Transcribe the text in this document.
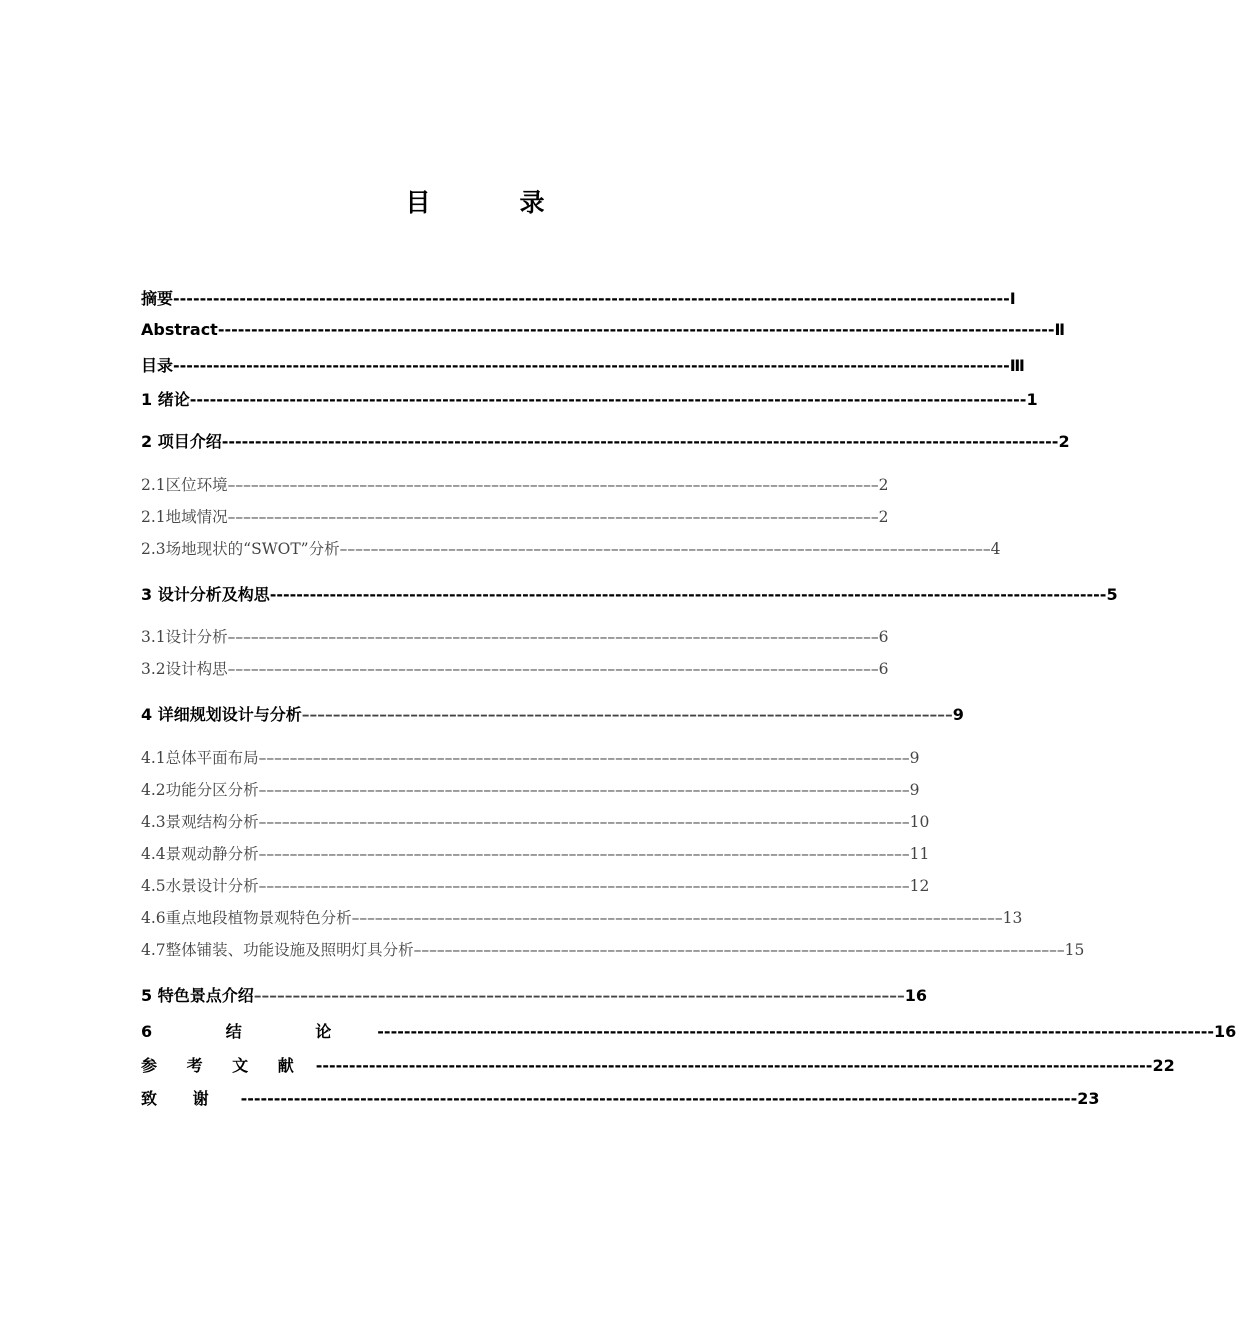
目　录
摘要 ------------------------------------------------------------------------------------------------------------------------------ Ⅰ
Abstract ------------------------------------------------------------------------------------------------------------------------------ Ⅱ
目录 ------------------------------------------------------------------------------------------------------------------------------ Ⅲ
1 绪论 ------------------------------------------------------------------------------------------------------------------------------ 1
2 项目介绍 ------------------------------------------------------------------------------------------------------------------------------ 2
2.1区位环境 –––––––––––––––––––––––––––––––––––––––––––––––––––––––––––––––––––––––––––––––––––– 2
2.1地域情况 –––––––––––––––––––––––––––––––––––––––––––––––––––––––––––––––––––––––––––––––––––– 2
2.3场地现状的“SWOT”分析 –––––––––––––––––––––––––––––––––––––––––––––––––––––––––––––––––––––––––––––––––––– 4
3 设计分析及构思 ------------------------------------------------------------------------------------------------------------------------------ 5
3.1设计分析 –––––––––––––––––––––––––––––––––––––––––––––––––––––––––––––––––––––––––––––––––––– 6
3.2设计构思 –––––––––––––––––––––––––––––––––––––––––––––––––––––––––––––––––––––––––––––––––––– 6
4 详细规划设计与分析 –––––––––––––––––––––––––––––––––––––––––––––––––––––––––––––––––––––––––––––––––––– 9
4.1总体平面布局 –––––––––––––––––––––––––––––––––––––––––––––––––––––––––––––––––––––––––––––––––––– 9
4.2功能分区分析 –––––––––––––––––––––––––––––––––––––––––––––––––––––––––––––––––––––––––––––––––––– 9
4.3景观结构分析 –––––––––––––––––––––––––––––––––––––––––––––––––––––––––––––––––––––––––––––––––––– 10
4.4景观动静分析 –––––––––––––––––––––––––––––––––––––––––––––––––––––––––––––––––––––––––––––––––––– 11
4.5水景设计分析 –––––––––––––––––––––––––––––––––––––––––––––––––––––––––––––––––––––––––––––––––––– 12
4.6重点地段植物景观特色分析 –––––––––––––––––––––––––––––––––––––––––––––––––––––––––––––––––––––––––––––––––––– 13
4.7整体铺装、功能设施及照明灯具分析 –––––––––––––––––––––––––––––––––––––––––––––––––––––––––––––––––––––––––––––––––––– 15
5 特色景点介绍 –––––––––––––––––––––––––––––––––––––––––––––––––––––––––––––––––––––––––––––––––––– 16
6 结 论	------------------------------------------------------------------------------------------------------------------------------ 16
参 考 文 献	------------------------------------------------------------------------------------------------------------------------------ 22
致 谢	------------------------------------------------------------------------------------------------------------------------------ 23
